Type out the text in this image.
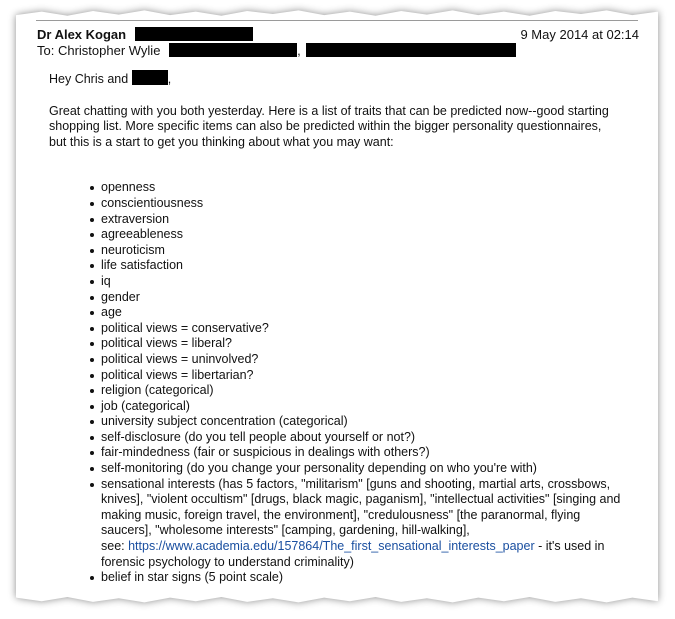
Dr Alex Kogan	9 May 2014 at 02:14
To: Christopher Wylie	,

Hey Chris and	,

Great chatting with you both yesterday. Here is a list of traits that can be predicted now--good starting shopping list. More specific items can also be predicted within the bigger personality questionnaires, but this is a start to get you thinking about what you may want:

openness
conscientiousness
extraversion
agreeableness
neuroticism
life satisfaction
iq
gender
age
political views = conservative?
political views = liberal?
political views = uninvolved?
political views = libertarian?
religion (categorical)
job (categorical)
university subject concentration (categorical)
self-disclosure (do you tell people about yourself or not?)
fair-mindedness (fair or suspicious in dealings with others?)
self-monitoring (do you change your personality depending on who you're with)
sensational interests (has 5 factors, "militarism" [guns and shooting, martial arts, crossbows, knives], "violent occultism" [drugs, black magic, paganism], "intellectual activities" [singing and making music, foreign travel, the environment], "credulousness" [the paranormal, flying saucers], "wholesome interests" [camping, gardening, hill-walking],
see: https://www.academia.edu/157864/The_first_sensational_interests_paper - it's used in forensic psychology to understand criminality)
belief in star signs (5 point scale)
